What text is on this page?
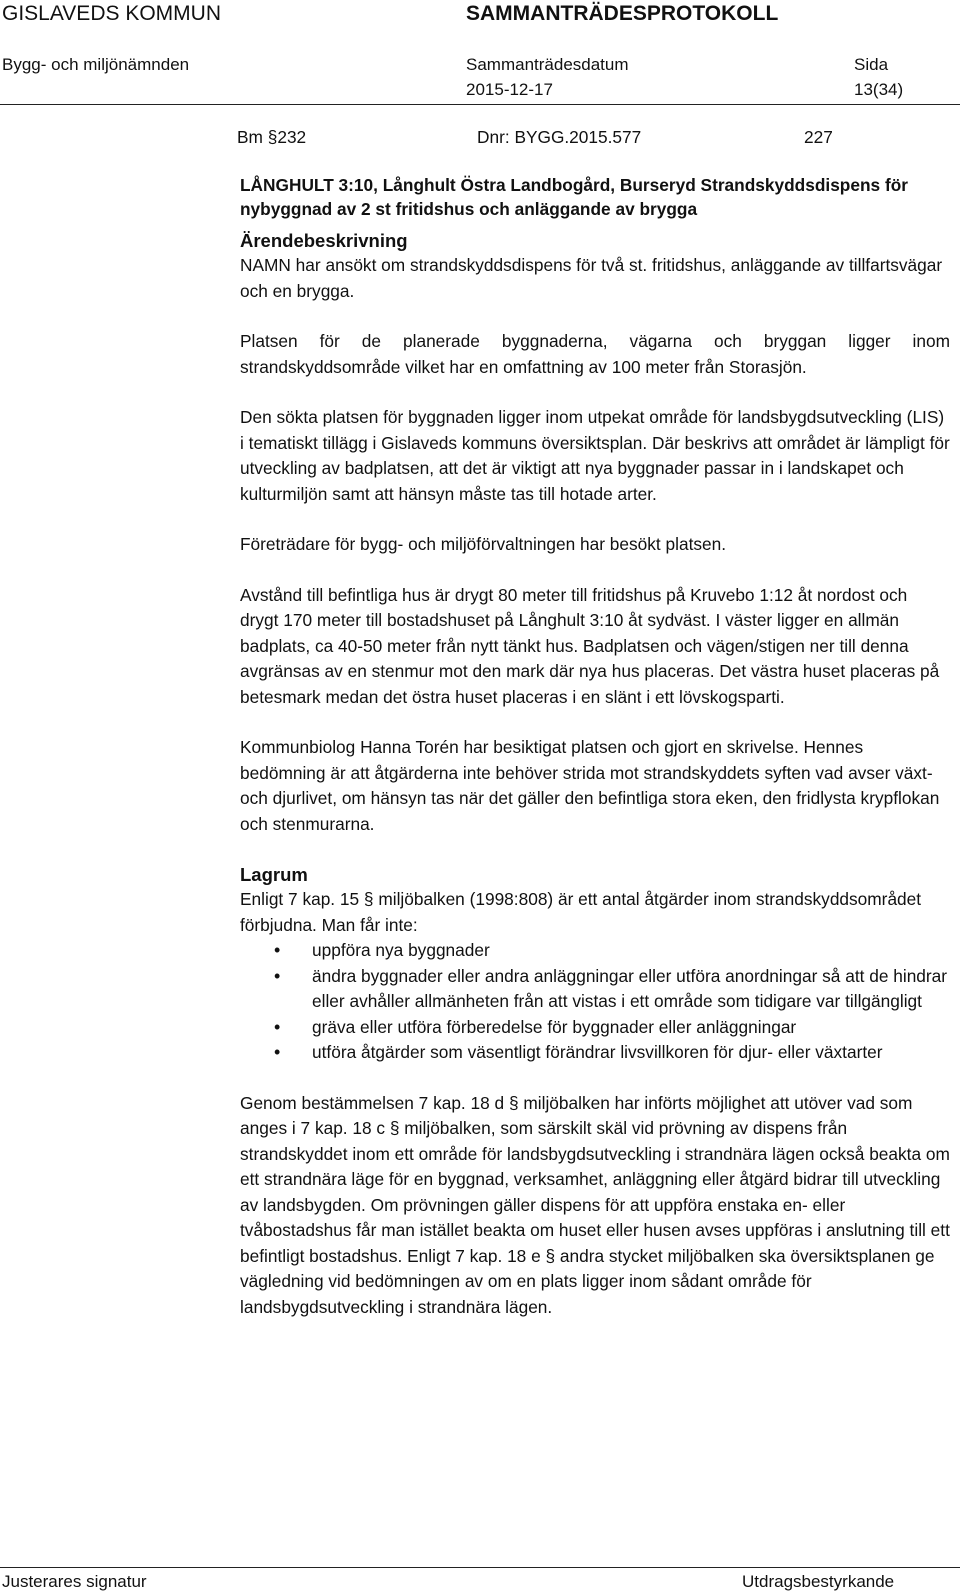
GISLAVEDS KOMMUN	SAMMANTRÄDESPROTOKOLL
Bygg- och miljönämnden	Sammanträdesdatum	Sida
2015-12-17	13(34)
Bm §232	Dnr: BYGG.2015.577	227
LÅNGHULT 3:10, Långhult Östra Landbogård, Burseryd Strandskyddsdispens för nybyggnad av 2 st fritidshus och anläggande av brygga
Ärendebeskrivning

NAMN har ansökt om strandskyddsdispens för två st. fritidshus, anläggande av tillfartsvägar och en brygga.

Platsen för de planerade byggnaderna, vägarna och bryggan ligger inom strandskyddsområde vilket har en omfattning av 100 meter från Storasjön.

Den sökta platsen för byggnaden ligger inom utpekat område för landsbygdsutveckling (LIS) i tematiskt tillägg i Gislaveds kommuns översiktsplan. Där beskrivs att området är lämpligt för utveckling av badplatsen, att det är viktigt att nya byggnader passar in i landskapet och kulturmiljön samt att hänsyn måste tas till hotade arter.

Företrädare för bygg- och miljöförvaltningen har besökt platsen.

Avstånd till befintliga hus är drygt 80 meter till fritidshus på Kruvebo 1:12 åt nordost och drygt 170 meter till bostadshuset på Långhult 3:10 åt sydväst. I väster ligger en allmän badplats, ca 40-50 meter från nytt tänkt hus. Badplatsen och vägen/stigen ner till denna avgränsas av en stenmur mot den mark där nya hus placeras. Det västra huset placeras på betesmark medan det östra huset placeras i en slänt i ett lövskogsparti.

Kommunbiolog Hanna Torén har besiktigat platsen och gjort en skrivelse. Hennes bedömning är att åtgärderna inte behöver strida mot strandskyddets syften vad avser växt- och djurlivet, om hänsyn tas när det gäller den befintliga stora eken, den fridlysta krypflokan och stenmurarna.

Lagrum

Enligt 7 kap. 15 § miljöbalken (1998:808) är ett antal åtgärder inom strandskyddsområdet förbjudna. Man får inte:

• uppföra nya byggnader
• ändra byggnader eller andra anläggningar eller utföra anordningar så att de hindrar eller avhåller allmänheten från att vistas i ett område som tidigare var tillgängligt
• gräva eller utföra förberedelse för byggnader eller anläggningar
• utföra åtgärder som väsentligt förändrar livsvillkoren för djur- eller växtarter

Genom bestämmelsen 7 kap. 18 d § miljöbalken har införts möjlighet att utöver vad som anges i 7 kap. 18 c § miljöbalken, som särskilt skäl vid prövning av dispens från strandskyddet inom ett område för landsbygdsutveckling i strandnära lägen också beakta om ett strandnära läge för en byggnad, verksamhet, anläggning eller åtgärd bidrar till utveckling av landsbygden. Om prövningen gäller dispens för att uppföra enstaka en- eller tvåbostadshus får man istället beakta om huset eller husen avses uppföras i anslutning till ett befintligt bostadshus. Enligt 7 kap. 18 e § andra stycket miljöbalken ska översiktsplanen ge vägledning vid bedömningen av om en plats ligger inom sådant område för landsbygdsutveckling i strandnära lägen.

Justerares signatur	Utdragsbestyrkande
